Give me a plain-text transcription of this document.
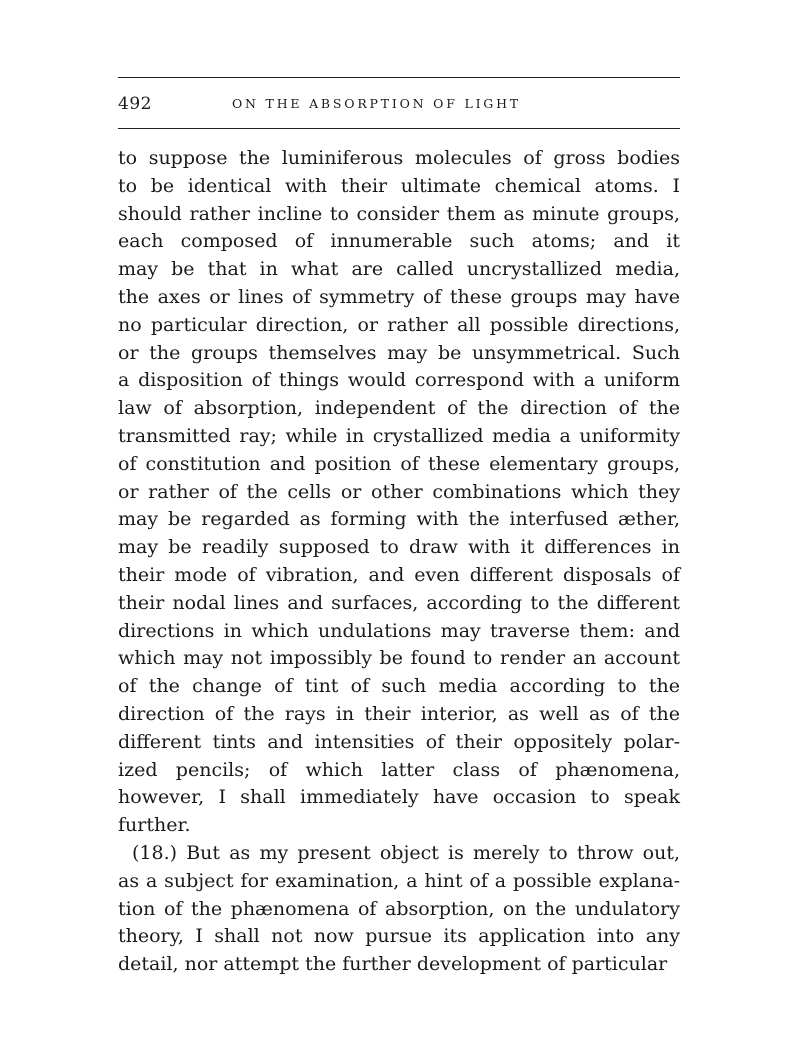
492	ON THE ABSORPTION OF LIGHT
to suppose the luminiferous molecules of gross bodies
to be identical with their ultimate chemical atoms. I
should rather incline to consider them as minute groups,
each composed of innumerable such atoms; and it
may be that in what are called uncrystallized media,
the axes or lines of symmetry of these groups may have
no particular direction, or rather all possible directions,
or the groups themselves may be unsymmetrical. Such
a disposition of things would correspond with a uniform
law of absorption, independent of the direction of the
transmitted ray; while in crystallized media a uniformity
of constitution and position of these elementary groups,
or rather of the cells or other combinations which they
may be regarded as forming with the interfused æther,
may be readily supposed to draw with it differences in
their mode of vibration, and even different disposals of
their nodal lines and surfaces, according to the different
directions in which undulations may traverse them: and
which may not impossibly be found to render an account
of the change of tint of such media according to the
direction of the rays in their interior, as well as of the
different tints and intensities of their oppositely polar-
ized pencils; of which latter class of phænomena,
however, I shall immediately have occasion to speak
further.
(18.) But as my present object is merely to throw out,
as a subject for examination, a hint of a possible explana-
tion of the phænomena of absorption, on the undulatory
theory, I shall not now pursue its application into any
detail, nor attempt the further development of particular
